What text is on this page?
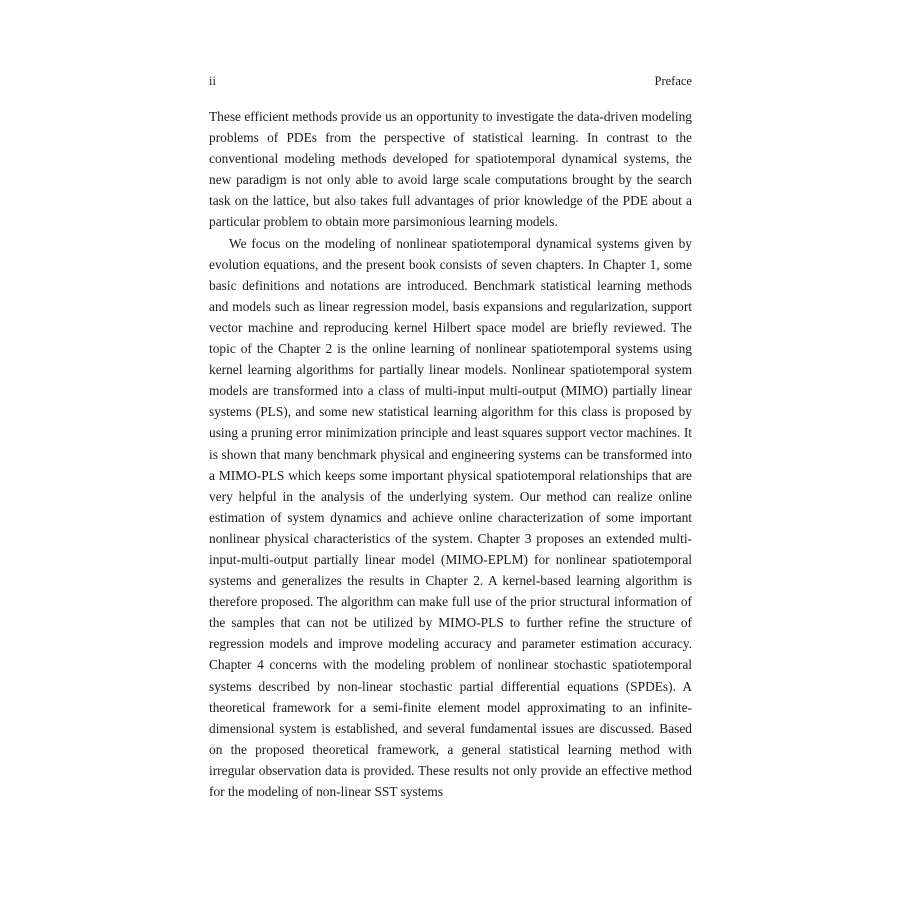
ii	Preface

These efficient methods provide us an opportunity to investigate the data-driven modeling problems of PDEs from the perspective of statistical learning. In contrast to the conventional modeling methods developed for spatiotemporal dynamical systems, the new paradigm is not only able to avoid large scale computations brought by the search task on the lattice, but also takes full advantages of prior knowledge of the PDE about a particular problem to obtain more parsimonious learning models.

We focus on the modeling of nonlinear spatiotemporal dynamical systems given by evolution equations, and the present book consists of seven chapters. In Chapter 1, some basic definitions and notations are introduced. Benchmark statistical learning methods and models such as linear regression model, basis expansions and regularization, support vector machine and reproducing kernel Hilbert space model are briefly reviewed. The topic of the Chapter 2 is the online learning of nonlinear spatiotemporal systems using kernel learning algorithms for partially linear models. Nonlinear spatiotemporal system models are transformed into a class of multi-input multi-output (MIMO) partially linear systems (PLS), and some new statistical learning algorithm for this class is proposed by using a pruning error minimization principle and least squares support vector machines. It is shown that many benchmark physical and engineering systems can be transformed into a MIMO-PLS which keeps some important physical spatiotemporal relationships that are very helpful in the analysis of the underlying system. Our method can realize online estimation of system dynamics and achieve online characterization of some important nonlinear physical characteristics of the system. Chapter 3 proposes an extended multi-input-multi-output partially linear model (MIMO-EPLM) for nonlinear spatiotemporal systems and generalizes the results in Chapter 2. A kernel-based learning algorithm is therefore proposed. The algorithm can make full use of the prior structural information of the samples that can not be utilized by MIMO-PLS to further refine the structure of regression models and improve modeling accuracy and parameter estimation accuracy. Chapter 4 concerns with the modeling problem of nonlinear stochastic spatiotemporal systems described by non-linear stochastic partial differential equations (SPDEs). A theoretical framework for a semi-finite element model approximating to an infinite-dimensional system is established, and several fundamental issues are discussed. Based on the proposed theoretical framework, a general statistical learning method with irregular observation data is provided. These results not only provide an effective method for the modeling of non-linear SST systems
